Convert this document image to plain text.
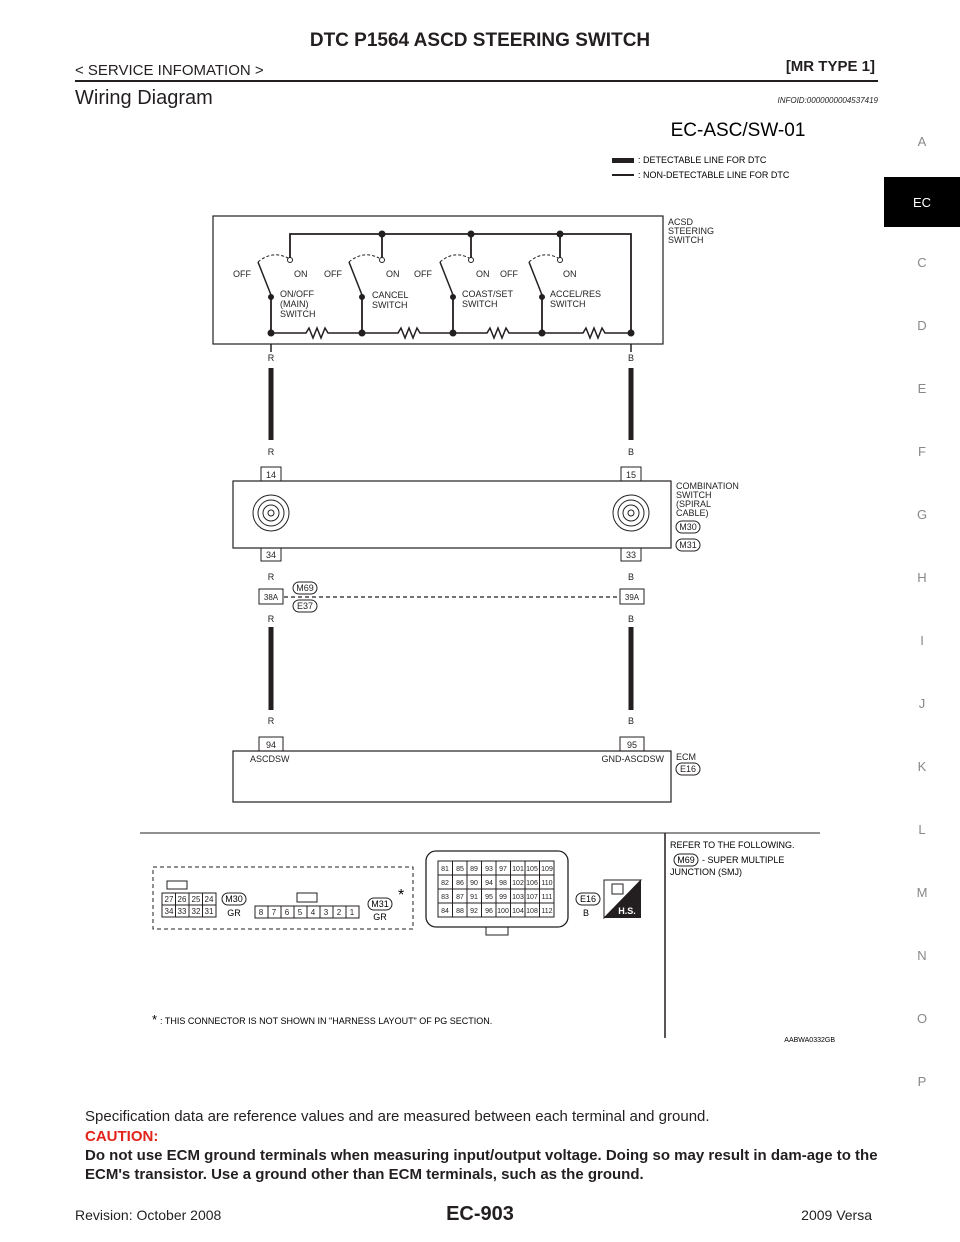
DTC P1564 ASCD STEERING SWITCH
< SERVICE INFOMATION >	[MR TYPE 1]
Wiring Diagram	INFOID:0000000004537419
A
EC
C
D
E
F
G
H
I
J
K
L
M
N
O
P
EC-ASC/SW-01
: DETECTABLE LINE FOR DTC
: NON-DETECTABLE LINE FOR DTC
OFF	ON OFF	ON OFF	ON OFF	ON
ON/OFF
(MAIN)
SWITCH
CANCEL
SWITCH
COAST/SET
SWITCH
ACCEL/RES
SWITCH
ACSD
STEERING
SWITCH
R	B
R	B
R	B
R	B
R	B
14	15
34	33
38A	39A
94	95
COMBINATION
SWITCH
(SPIRAL
CABLE)
M30
M31
M69
E37
E16
ASCDSW	GND-ASCDSW ECM
27 26 25 24
34 33 32 31
M30
GR 8 7 6 5 4 3 2 1
M31
GR
*
81 85 89 93 97 101 105 109
82 86 90 94 98 102 106 110
83 87 91 95 99 103 107 111
84 88 92 96 100 104 108 112
E16
B	H.S.
REFER TO THE FOLLOWING.
M69 - SUPER MULTIPLE
JUNCTION (SMJ)
* : THIS CONNECTOR IS NOT SHOWN IN "HARNESS LAYOUT" OF PG SECTION.
AABWA0332GB
Specification data are reference values and are measured between each terminal and ground.
CAUTION:
Do not use ECM ground terminals when measuring input/output voltage. Doing so may result in dam-age to the ECM's transistor. Use a ground other than ECM terminals, such as the ground.
Revision: October 2008	EC-903	2009 Versa
